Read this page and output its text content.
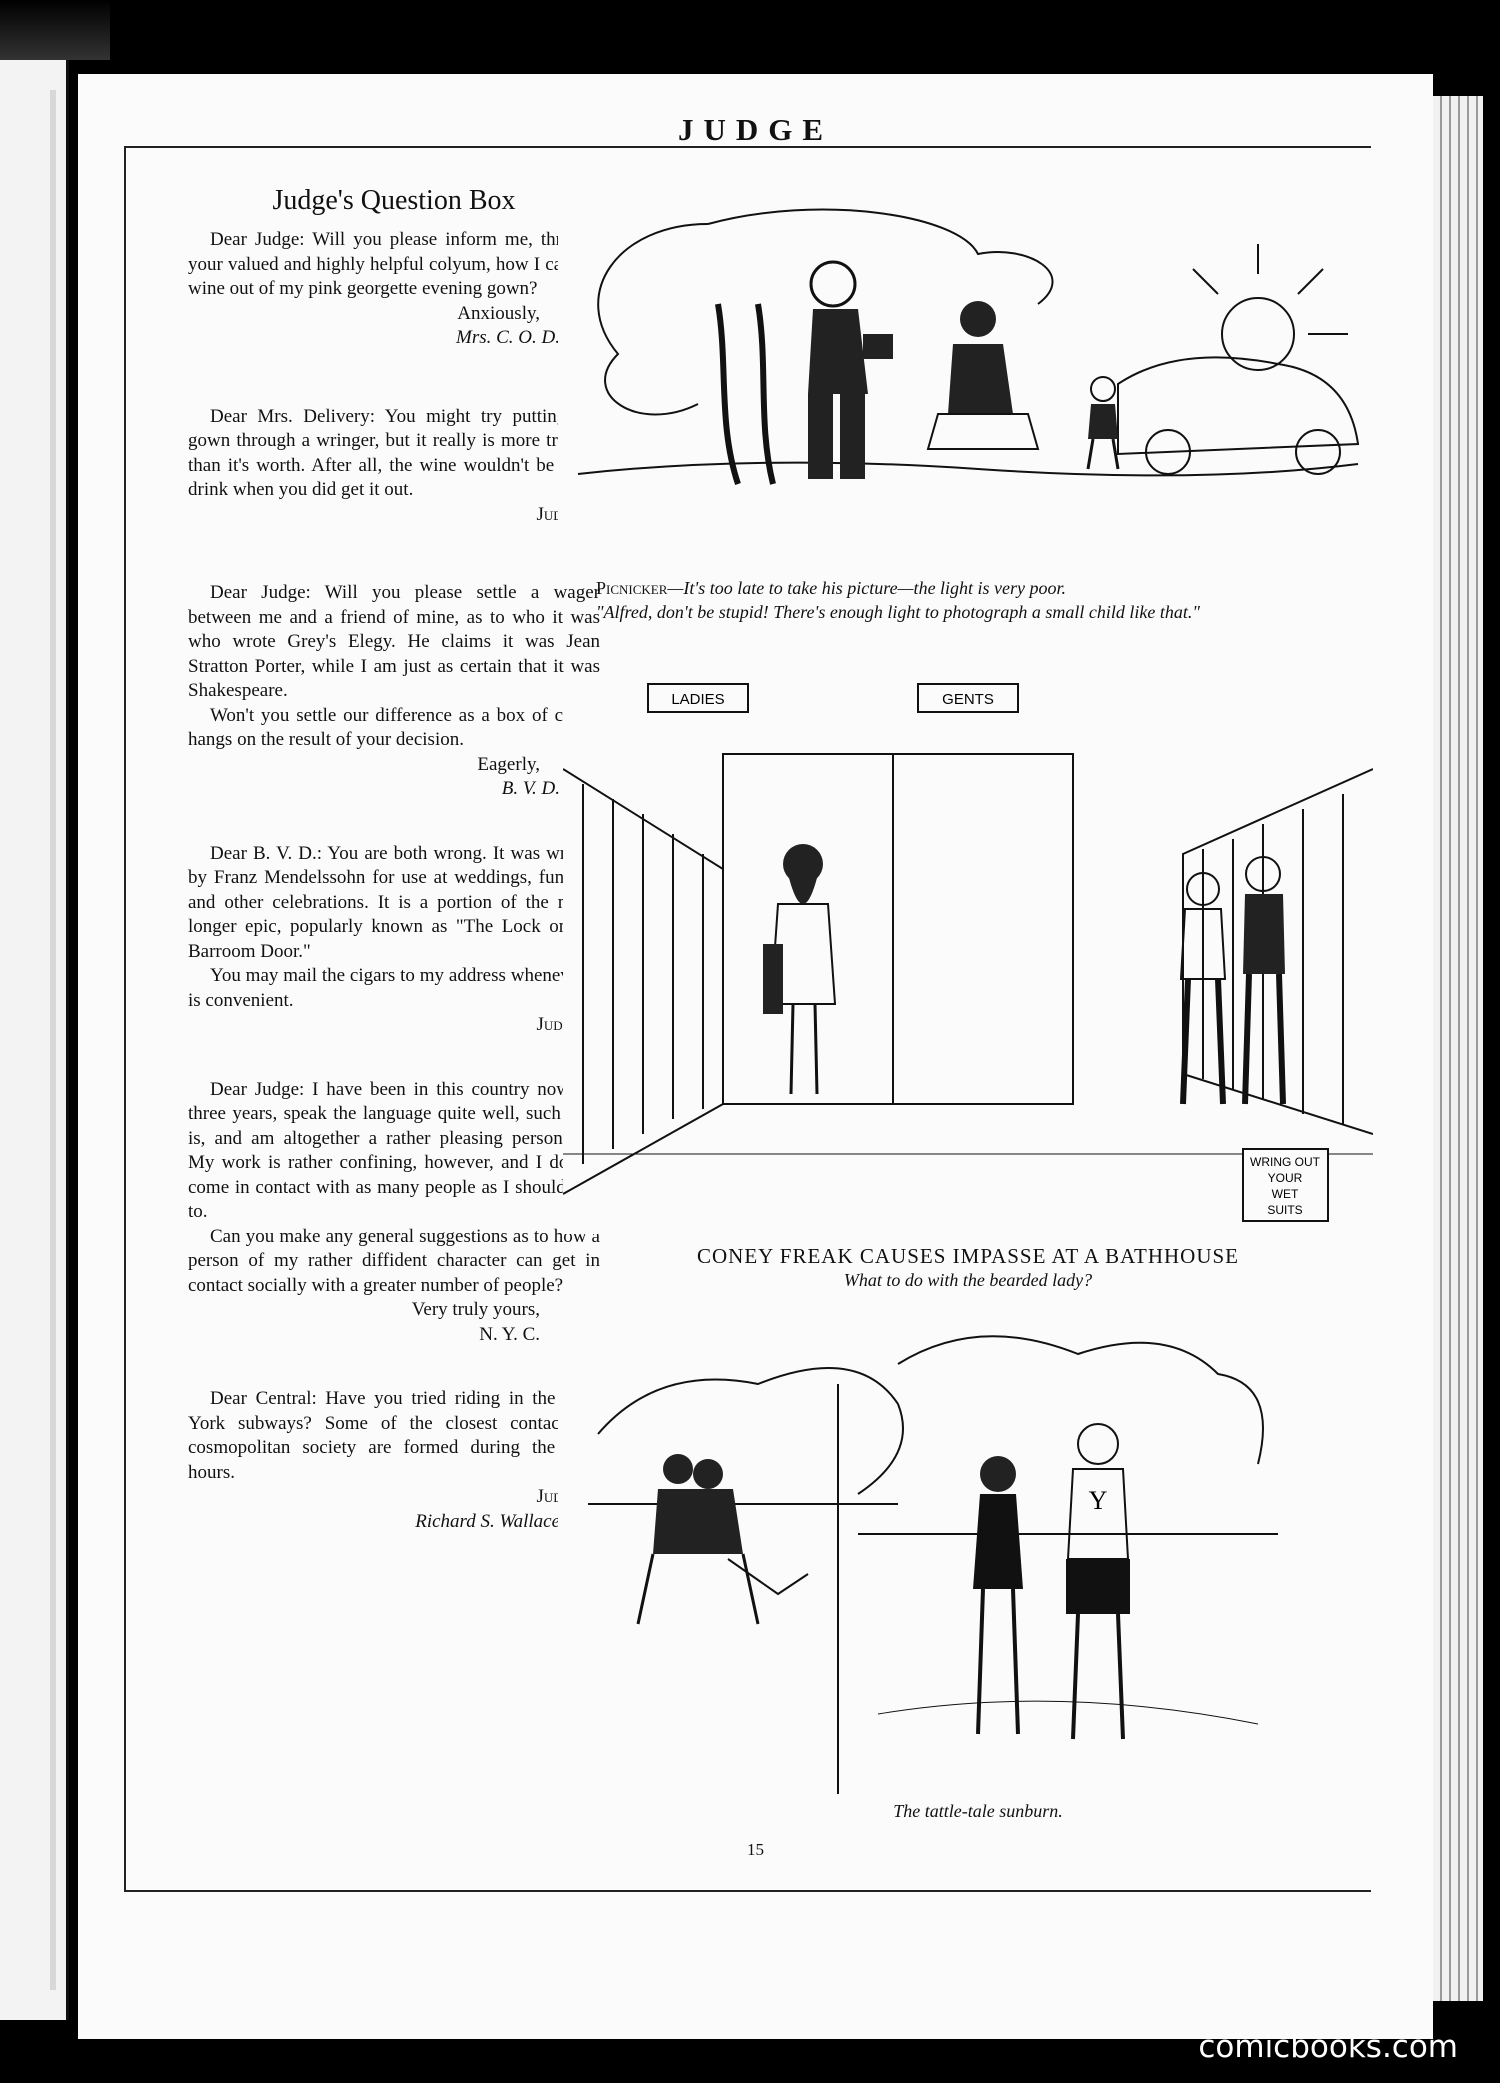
JUDGE
Judge's Question Box

Dear Judge: Will you please inform me, through your valued and highly helpful colyum, how I can get wine out of my pink georgette evening gown?

Anxiously,

Mrs. C. O. D.

Dear Mrs. Delivery: You might try putting the gown through a wringer, but it really is more trouble than it's worth. After all, the wine wouldn't be fit to drink when you did get it out.

Judge

Dear Judge: Will you please settle a wager between me and a friend of mine, as to who it was who wrote Grey's Elegy. He claims it was Jean Stratton Porter, while I am just as certain that it was Shakespeare.

Won't you settle our difference as a box of cigars hangs on the result of your decision.

Eagerly,

B. V. D.

Dear B. V. D.: You are both wrong. It was written by Franz Mendelssohn for use at weddings, funerals and other celebrations. It is a portion of the much longer epic, popularly known as "The Lock on the Barroom Door."

You may mail the cigars to my address whenever it is convenient.

Judge

Dear Judge: I have been in this country now for three years, speak the language quite well, such as it is, and am altogether a rather pleasing personality. My work is rather confining, however, and I do not come in contact with as many people as I should like to.

Can you make any general suggestions as to how a person of my rather diffident character can get in contact socially with a greater number of people?

Very truly yours,

N. Y. C.

Dear Central: Have you tried riding in the New York subways? Some of the closest contacts in cosmopolitan society are formed during the rush hours.

Judge

Richard S. Wallace

Picnicker—It's too late to take his picture—the light is very poor.
"Alfred, don't be stupid! There's enough light to photograph a small child like that."
LADIES	GENTS
WRING OUT
YOUR
WET
SUITS
CONEY FREAK CAUSES IMPASSE AT A BATHHOUSE
What to do with the bearded lady?
Y
The tattle-tale sunburn.
15
comicbooks.com
